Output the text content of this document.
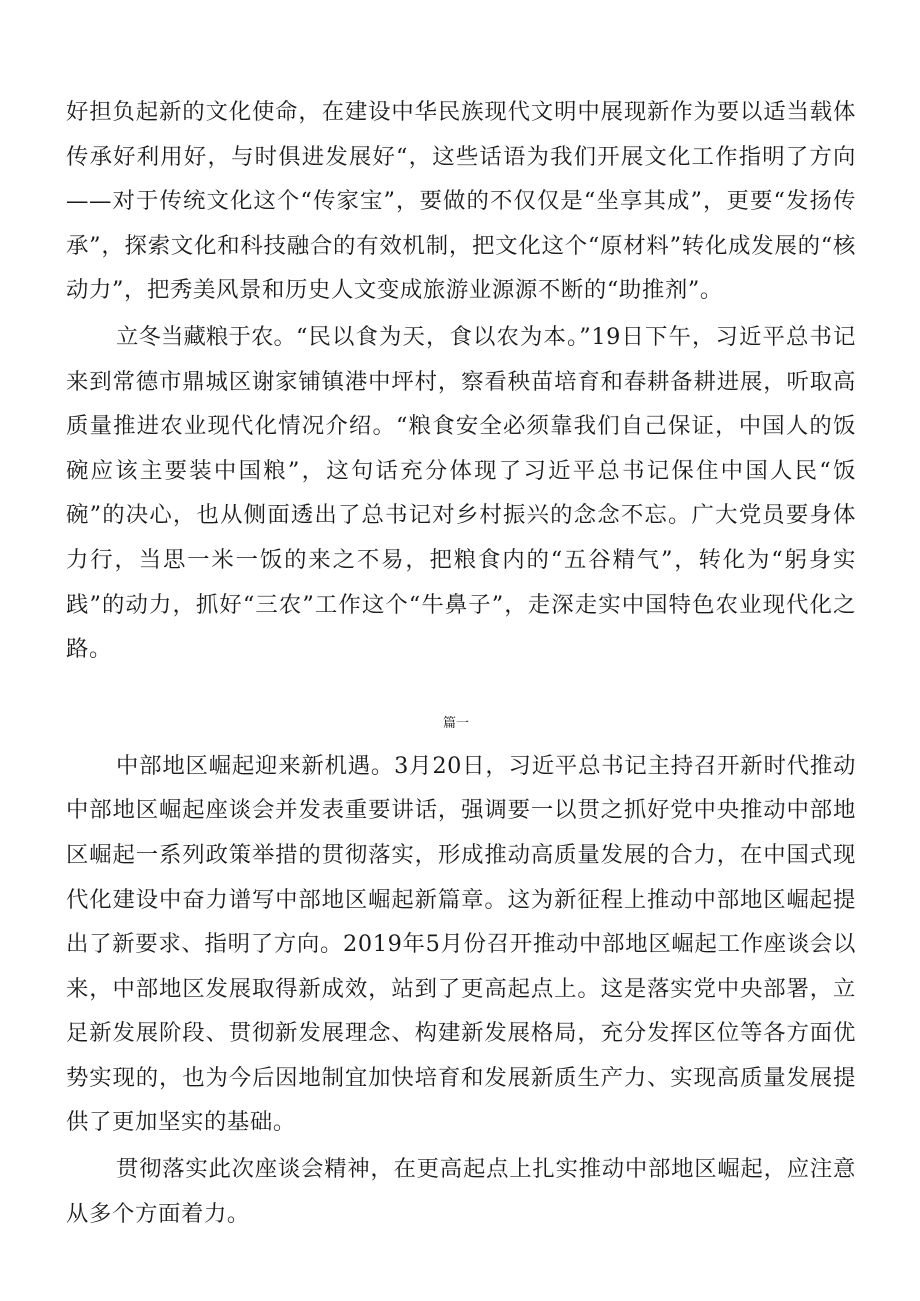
好担负起新的文化使命，在建设中华民族现代文明中展现新作为要以适当载体传承好利用好，与时俱进发展好“，这些话语为我们开展文化工作指明了方向——对于传统文化这个“传家宝”，要做的不仅仅是“坐享其成”，更要“发扬传承”，探索文化和科技融合的有效机制，把文化这个“原材料”转化成发展的“核动力”，把秀美风景和历史人文变成旅游业源源不断的“助推剂”。

立冬当藏粮于农。“民以食为天，食以农为本。”19日下午，习近平总书记来到常德市鼎城区谢家铺镇港中坪村，察看秧苗培育和春耕备耕进展，听取高质量推进农业现代化情况介绍。“粮食安全必须靠我们自己保证，中国人的饭碗应该主要装中国粮”，这句话充分体现了习近平总书记保住中国人民“饭碗”的决心，也从侧面透出了总书记对乡村振兴的念念不忘。广大党员要身体力行，当思一米一饭的来之不易，把粮食内的“五谷精气”，转化为“躬身实践”的动力，抓好“三农”工作这个“牛鼻子”，走深走实中国特色农业现代化之路。

篇一

中部地区崛起迎来新机遇。3月20日，习近平总书记主持召开新时代推动中部地区崛起座谈会并发表重要讲话，强调要一以贯之抓好党中央推动中部地区崛起一系列政策举措的贯彻落实，形成推动高质量发展的合力，在中国式现代化建设中奋力谱写中部地区崛起新篇章。这为新征程上推动中部地区崛起提出了新要求、指明了方向。2019年5月份召开推动中部地区崛起工作座谈会以来，中部地区发展取得新成效，站到了更高起点上。这是落实党中央部署，立足新发展阶段、贯彻新发展理念、构建新发展格局，充分发挥区位等各方面优势实现的，也为今后因地制宜加快培育和发展新质生产力、实现高质量发展提供了更加坚实的基础。

贯彻落实此次座谈会精神，在更高起点上扎实推动中部地区崛起，应注意从多个方面着力。
